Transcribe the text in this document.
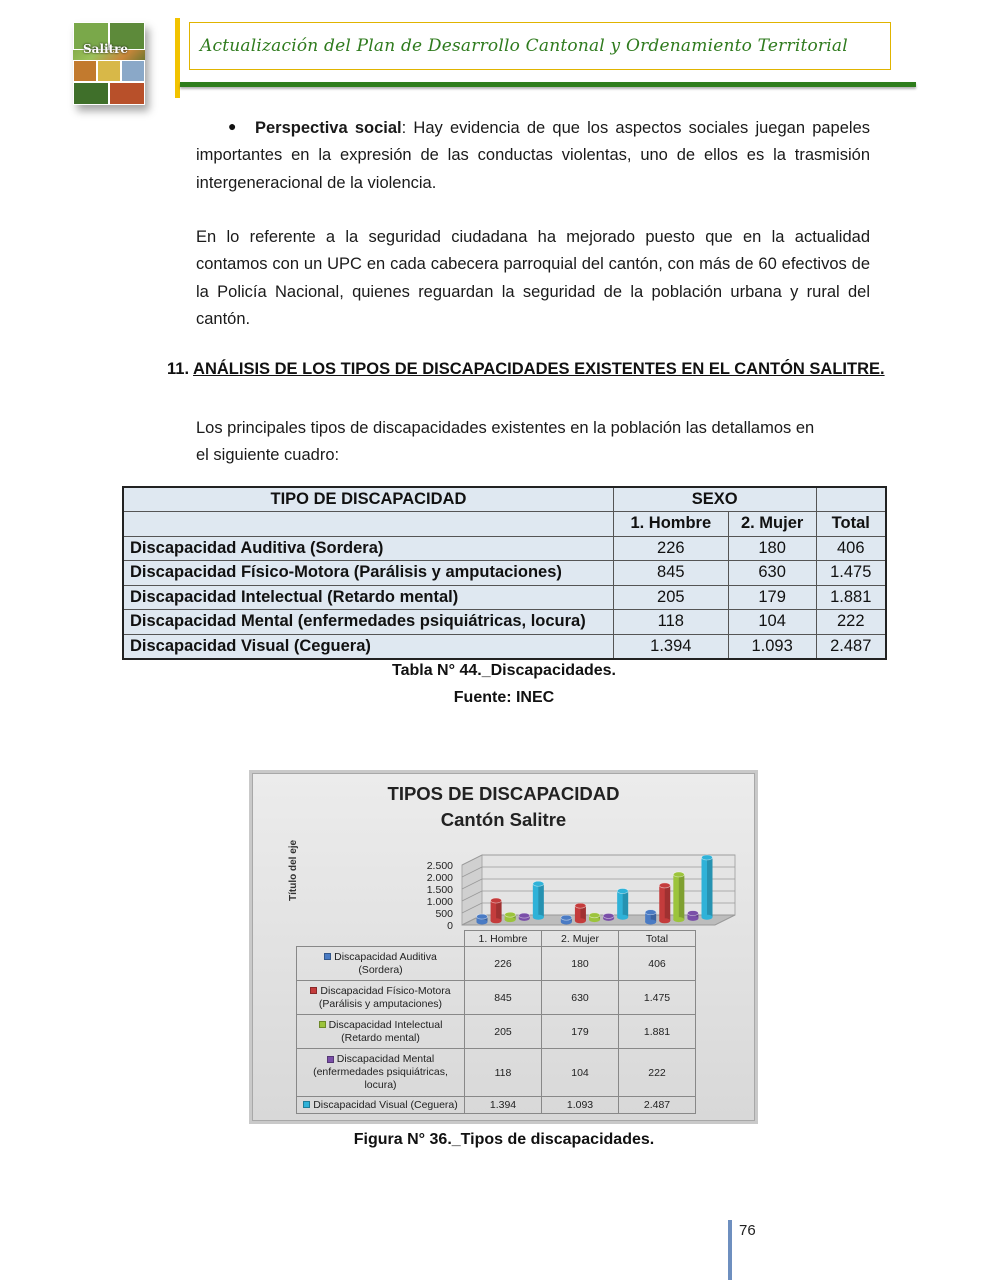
Salitre	Actualización del Plan de Desarrollo Cantonal y Ordenamiento Territorial
●	Perspectiva social: Hay evidencia de que los aspectos sociales juegan papeles importantes en la expresión de las conductas violentas, uno de ellos es la trasmisión intergeneracional de la violencia.
En lo referente a la seguridad ciudadana ha mejorado puesto que en la actualidad contamos con un UPC en cada cabecera parroquial del cantón, con más de 60 efectivos de la Policía Nacional, quienes reguardan la seguridad de la población urbana y rural del cantón.
11. ANÁLISIS DE LOS TIPOS DE DISCAPACIDADES EXISTENTES EN EL CANTÓN SALITRE.
Los principales tipos de discapacidades existentes en la población las detallamos en
el siguiente cuadro:
TIPO DE DISCAPACIDAD	SEXO		
	1. Hombre	2. Mujer	Total
Discapacidad Auditiva (Sordera)	226	180	406
Discapacidad Físico-Motora (Parálisis y amputaciones)	845	630	1.475
Discapacidad Intelectual (Retardo mental)	205	179	1.881
Discapacidad Mental (enfermedades psiquiátricas, locura)	118	104	222
Discapacidad Visual (Ceguera)	1.394	1.093	2.487
Tabla N° 44._Discapacidades.
Fuente: INEC
TIPOS DE DISCAPACIDAD
Cantón Salitre
Título del eje	2.500
2.000
1.500
1.000
500
0
	1. Hombre	2. Mujer	Total
Discapacidad Auditiva
(Sordera)	226	180	406
Discapacidad Físico-Motora
(Parálisis y amputaciones)	845	630	1.475
Discapacidad Intelectual
(Retardo mental)	205	179	1.881
Discapacidad Mental
(enfermedades psiquiátricas,
locura)	118	104	222
Discapacidad Visual (Ceguera)	1.394	1.093	2.487
Figura N° 36._Tipos de discapacidades.
76
